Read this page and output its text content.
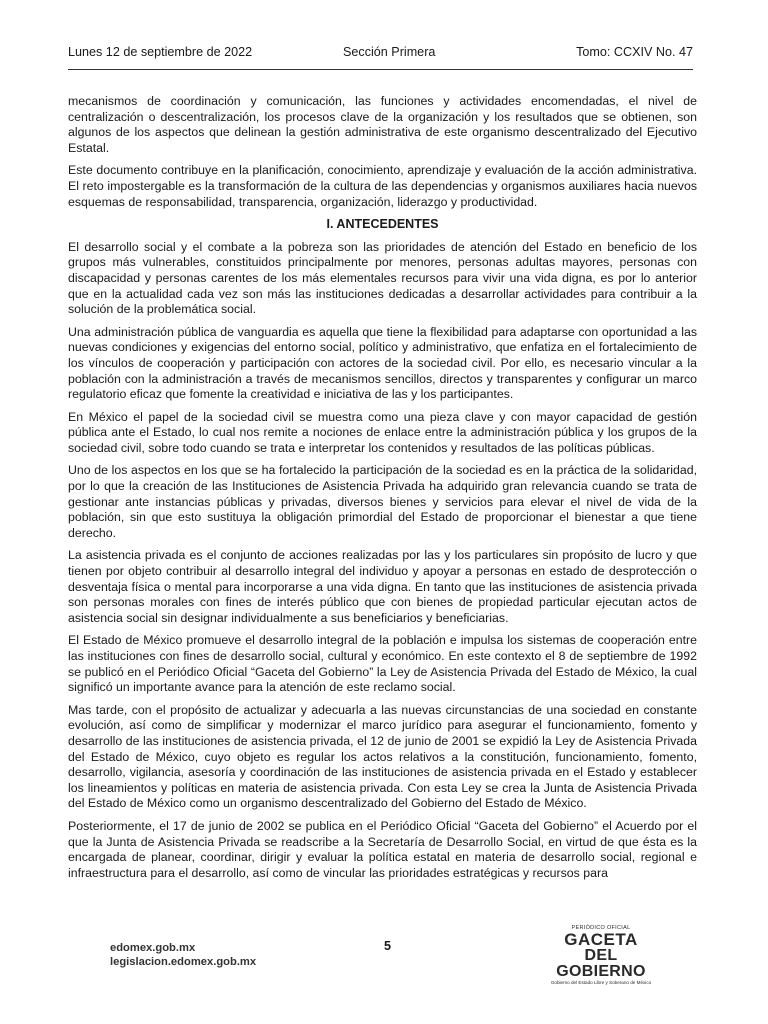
Lunes 12 de septiembre de 2022	Sección Primera	Tomo: CCXIV No. 47

mecanismos de coordinación y comunicación, las funciones y actividades encomendadas, el nivel de centralización o descentralización, los procesos clave de la organización y los resultados que se obtienen, son algunos de los aspectos que delinean la gestión administrativa de este organismo descentralizado del Ejecutivo Estatal.

Este documento contribuye en la planificación, conocimiento, aprendizaje y evaluación de la acción administrativa. El reto impostergable es la transformación de la cultura de las dependencias y organismos auxiliares hacia nuevos esquemas de responsabilidad, transparencia, organización, liderazgo y productividad.

I. ANTECEDENTES

El desarrollo social y el combate a la pobreza son las prioridades de atención del Estado en beneficio de los grupos más vulnerables, constituidos principalmente por menores, personas adultas mayores, personas con discapacidad y personas carentes de los más elementales recursos para vivir una vida digna, es por lo anterior que en la actualidad cada vez son más las instituciones dedicadas a desarrollar actividades para contribuir a la solución de la problemática social.

Una administración pública de vanguardia es aquella que tiene la flexibilidad para adaptarse con oportunidad a las nuevas condiciones y exigencias del entorno social, político y administrativo, que enfatiza en el fortalecimiento de los vínculos de cooperación y participación con actores de la sociedad civil. Por ello, es necesario vincular a la población con la administración a través de mecanismos sencillos, directos y transparentes y configurar un marco regulatorio eficaz que fomente la creatividad e iniciativa de las y los participantes.

En México el papel de la sociedad civil se muestra como una pieza clave y con mayor capacidad de gestión pública ante el Estado, lo cual nos remite a nociones de enlace entre la administración pública y los grupos de la sociedad civil, sobre todo cuando se trata e interpretar los contenidos y resultados de las políticas públicas.

Uno de los aspectos en los que se ha fortalecido la participación de la sociedad es en la práctica de la solidaridad, por lo que la creación de las Instituciones de Asistencia Privada ha adquirido gran relevancia cuando se trata de gestionar ante instancias públicas y privadas, diversos bienes y servicios para elevar el nivel de vida de la población, sin que esto sustituya la obligación primordial del Estado de proporcionar el bienestar a que tiene derecho.

La asistencia privada es el conjunto de acciones realizadas por las y los particulares sin propósito de lucro y que tienen por objeto contribuir al desarrollo integral del individuo y apoyar a personas en estado de desprotección o desventaja física o mental para incorporarse a una vida digna. En tanto que las instituciones de asistencia privada son personas morales con fines de interés público que con bienes de propiedad particular ejecutan actos de asistencia social sin designar individualmente a sus beneficiarios y beneficiarias.

El Estado de México promueve el desarrollo integral de la población e impulsa los sistemas de cooperación entre las instituciones con fines de desarrollo social, cultural y económico. En este contexto el 8 de septiembre de 1992 se publicó en el Periódico Oficial “Gaceta del Gobierno” la Ley de Asistencia Privada del Estado de México, la cual significó un importante avance para la atención de este reclamo social.

Mas tarde, con el propósito de actualizar y adecuarla a las nuevas circunstancias de una sociedad en constante evolución, así como de simplificar y modernizar el marco jurídico para asegurar el funcionamiento, fomento y desarrollo de las instituciones de asistencia privada, el 12 de junio de 2001 se expidió la Ley de Asistencia Privada del Estado de México, cuyo objeto es regular los actos relativos a la constitución, funcionamiento, fomento, desarrollo, vigilancia, asesoría y coordinación de las instituciones de asistencia privada en el Estado y establecer los lineamientos y políticas en materia de asistencia privada. Con esta Ley se crea la Junta de Asistencia Privada del Estado de México como un organismo descentralizado del Gobierno del Estado de México.

Posteriormente, el 17 de junio de 2002 se publica en el Periódico Oficial “Gaceta del Gobierno” el Acuerdo por el que la Junta de Asistencia Privada se readscribe a la Secretaría de Desarrollo Social, en virtud de que ésta es la encargada de planear, coordinar, dirigir y evaluar la política estatal en materia de desarrollo social, regional e infraestructura para el desarrollo, así como de vincular las prioridades estratégicas y recursos para

edomex.gob.mx
legislacion.edomex.gob.mx
5
PERIÓDICO OFICIAL
GACETA
DEL GOBIERNO
Gobierno del Estado Libre y Soberano de México
